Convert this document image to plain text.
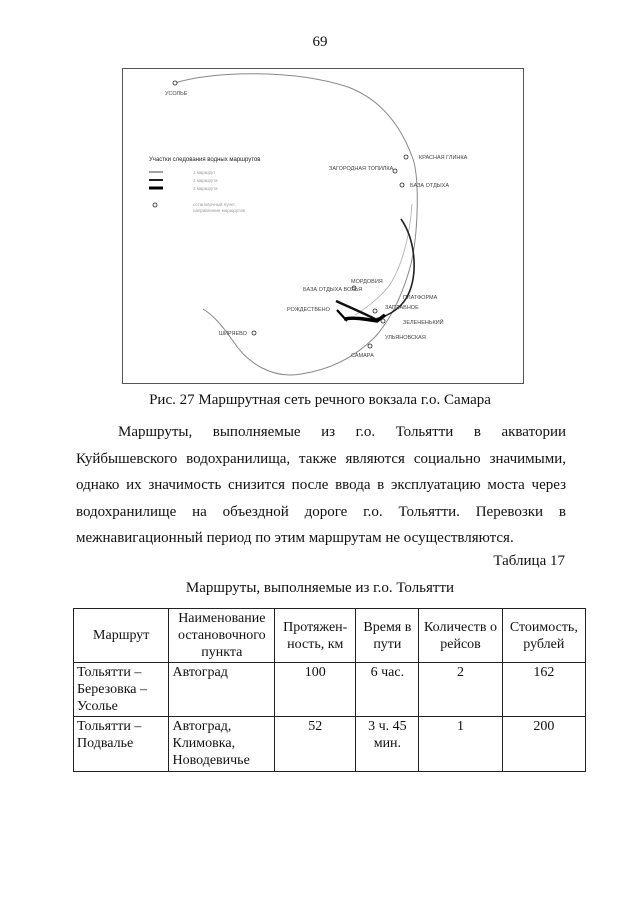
69
УСОЛЬЕ
КРАСНАЯ ГЛИНКА
ЗАГОРОДНАЯ ТОПИЛКА
БАЗА ОТДЫХА
МОРДОВИЯ
БАЗА ОТДЫХА ВОЛЬЯ
РОЖДЕСТВЕНО
ПЛАТФОРМА
ЗАПЛАВНОЕ
ЗЕЛЕНЕНЬКИЙ
ШИРЯЕВО
УЛЬЯНОВСКАЯ
САМАРА
Участки следования водных маршрутов
1 маршрут
2 маршрута
3 маршрута
остановочный пункт,
направление маршрутов
Рис. 27 Маршрутная сеть речного вокзала г.о. Самара

Маршруты, выполняемые из г.о. Тольятти в акватории Куйбышевского водохранилища, также являются социально значимыми, однако их значимость снизится после ввода в эксплуатацию моста через водохранилище на объездной дороге г.о. Тольятти. Перевозки в межнавигационный период по этим маршрутам не осуществляются.

Таблица 17
Маршруты, выполняемые из г.о. Тольятти
Маршрут	Наименование остановочного пункта	Протяжен-ность, км	Время в пути	Количеств о рейсов	Стоимость, рублей
Тольятти – Березовка – Усолье	Автоград	100	6 час.	2	162
Тольятти – Подвалье	Автоград, Климовка, Новодевичье	52	3 ч. 45 мин.	1	200
